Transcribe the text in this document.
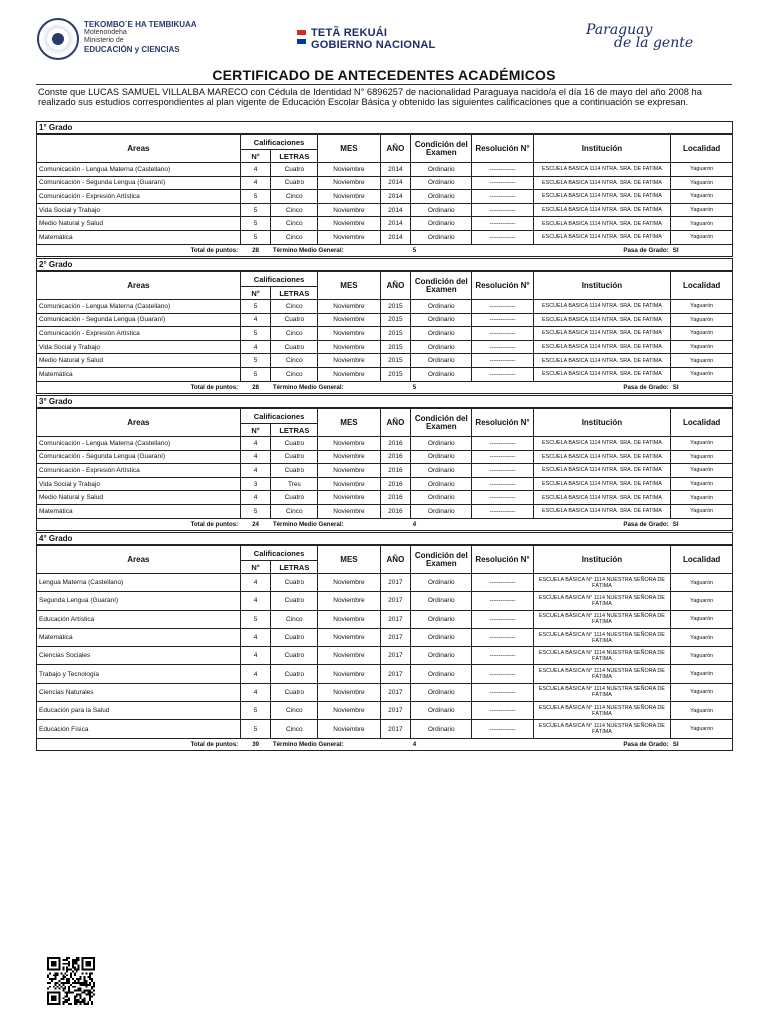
TEKOMBO´E HA TEMBIKUAA
Motenondeha
Ministerio de
EDUCACIÓN y CIENCIAS
TETÃ REKUÁI
GOBIERNO NACIONAL
Paraguay
de la gente
CERTIFICADO DE ANTECEDENTES ACADÉMICOS
Conste que LUCAS SAMUEL VILLALBA MARECO con Cédula de Identidad N° 6896257 de nacionalidad Paraguaya nacido/a el día 16 de mayo del año 2008 ha realizado sus estudios correspondientes al plan vigente de Educación Escolar Básica y obtenido las siguientes calificaciones que a continuación se expresan.
1° Grado
Areas	Calificaciones		MES	AÑO	Condición del Examen	Resolución N°	Institución	Localidad
	N°	LETRAS						
Comunicación - Lengua Materna (Castellano)	4	Cuatro	Noviembre	2014	Ordinario	------------	ESCUELA BASICA 1114 NTRA. SRA. DE FATIMA	Yaguarón
Comunicación - Segunda Lengua (Guaraní)	4	Cuatro	Noviembre	2014	Ordinario	------------	ESCUELA BASICA 1114 NTRA. SRA. DE FATIMA	Yaguarón
Comunicación - Expresión Artística	5	Cinco	Noviembre	2014	Ordinario	------------	ESCUELA BASICA 1114 NTRA. SRA. DE FATIMA	Yaguarón
Vida Social y Trabajo	5	Cinco	Noviembre	2014	Ordinario	------------	ESCUELA BASICA 1114 NTRA. SRA. DE FATIMA	Yaguarón
Medio Natural y Salud	5	Cinco	Noviembre	2014	Ordinario	------------	ESCUELA BASICA 1114 NTRA. SRA. DE FATIMA	Yaguarón
Matemática	5	Cinco	Noviembre	2014	Ordinario	------------	ESCUELA BASICA 1114 NTRA. SRA. DE FATIMA	Yaguarón
Total de puntos:	28	Término Medio General:			5		Pasa de Grado:	SI
2° Grado
Areas	Calificaciones		MES	AÑO	Condición del Examen	Resolución N°	Institución	Localidad
	N°	LETRAS						
Comunicación - Lengua Materna (Castellano)	5	Cinco	Noviembre	2015	Ordinario	------------	ESCUELA BASICA 1114 NTRA. SRA. DE FATIMA	Yaguarón
Comunicación - Segunda Lengua (Guaraní)	4	Cuatro	Noviembre	2015	Ordinario	------------	ESCUELA BASICA 1114 NTRA. SRA. DE FATIMA	Yaguarón
Comunicación - Expresión Artística	5	Cinco	Noviembre	2015	Ordinario	------------	ESCUELA BASICA 1114 NTRA. SRA. DE FATIMA	Yaguarón
Vida Social y Trabajo	4	Cuatro	Noviembre	2015	Ordinario	------------	ESCUELA BASICA 1114 NTRA. SRA. DE FATIMA	Yaguarón
Medio Natural y Salud	5	Cinco	Noviembre	2015	Ordinario	------------	ESCUELA BASICA 1114 NTRA. SRA. DE FATIMA	Yaguarón
Matemática	5	Cinco	Noviembre	2015	Ordinario	------------	ESCUELA BASICA 1114 NTRA. SRA. DE FATIMA	Yaguarón
Total de puntos:	28	Término Medio General:			5		Pasa de Grado:	SI
3° Grado
Areas	Calificaciones		MES	AÑO	Condición del Examen	Resolución N°	Institución	Localidad
	N°	LETRAS						
Comunicación - Lengua Materna (Castellano)	4	Cuatro	Noviembre	2016	Ordinario	------------	ESCUELA BASICA 1114 NTRA. SRA. DE FATIMA	Yaguarón
Comunicación - Segunda Lengua (Guaraní)	4	Cuatro	Noviembre	2016	Ordinario	------------	ESCUELA BASICA 1114 NTRA. SRA. DE FATIMA	Yaguarón
Comunicación - Expresión Artística	4	Cuatro	Noviembre	2016	Ordinario	------------	ESCUELA BASICA 1114 NTRA. SRA. DE FATIMA	Yaguarón
Vida Social y Trabajo	3	Tres	Noviembre	2016	Ordinario	------------	ESCUELA BASICA 1114 NTRA. SRA. DE FATIMA	Yaguarón
Medio Natural y Salud	4	Cuatro	Noviembre	2016	Ordinario	------------	ESCUELA BASICA 1114 NTRA. SRA. DE FATIMA	Yaguarón
Matemática	5	Cinco	Noviembre	2016	Ordinario	------------	ESCUELA BASICA 1114 NTRA. SRA. DE FATIMA	Yaguarón
Total de puntos:	24	Término Medio General:			4		Pasa de Grado:	SI
4° Grado
Areas	Calificaciones		MES	AÑO	Condición del Examen	Resolución N°	Institución	Localidad
	N°	LETRAS						
Lengua Materna (Castellano)	4	Cuatro	Noviembre	2017	Ordinario	------------	ESCUELA BÁSICA N° 1114 NUESTRA SEÑORA DE FÁTIMA	Yaguarón
Segunda Lengua (Guaraní)	4	Cuatro	Noviembre	2017	Ordinario	------------	ESCUELA BÁSICA N° 1114 NUESTRA SEÑORA DE FÁTIMA	Yaguarón
Educación Artística	5	Cinco	Noviembre	2017	Ordinario	------------	ESCUELA BÁSICA N° 1114 NUESTRA SEÑORA DE FÁTIMA	Yaguarón
Matemática	4	Cuatro	Noviembre	2017	Ordinario	------------	ESCUELA BÁSICA N° 1114 NUESTRA SEÑORA DE FÁTIMA	Yaguarón
Ciencias Sociales	4	Cuatro	Noviembre	2017	Ordinario	------------	ESCUELA BÁSICA N° 1114 NUESTRA SEÑORA DE FÁTIMA	Yaguarón
Trabajo y Tecnología	4	Cuatro	Noviembre	2017	Ordinario	------------	ESCUELA BÁSICA N° 1114 NUESTRA SEÑORA DE FÁTIMA	Yaguarón
Ciencias Naturales	4	Cuatro	Noviembre	2017	Ordinario	------------	ESCUELA BÁSICA N° 1114 NUESTRA SEÑORA DE FÁTIMA	Yaguarón
Educación para la Salud	5	Cinco	Noviembre	2017	Ordinario	------------	ESCUELA BÁSICA N° 1114 NUESTRA SEÑORA DE FÁTIMA	Yaguarón
Educación Física	5	Cinco	Noviembre	2017	Ordinario	------------	ESCUELA BÁSICA N° 1114 NUESTRA SEÑORA DE FÁTIMA	Yaguarón
Total de puntos:	39	Término Medio General:			4		Pasa de Grado:	SI
